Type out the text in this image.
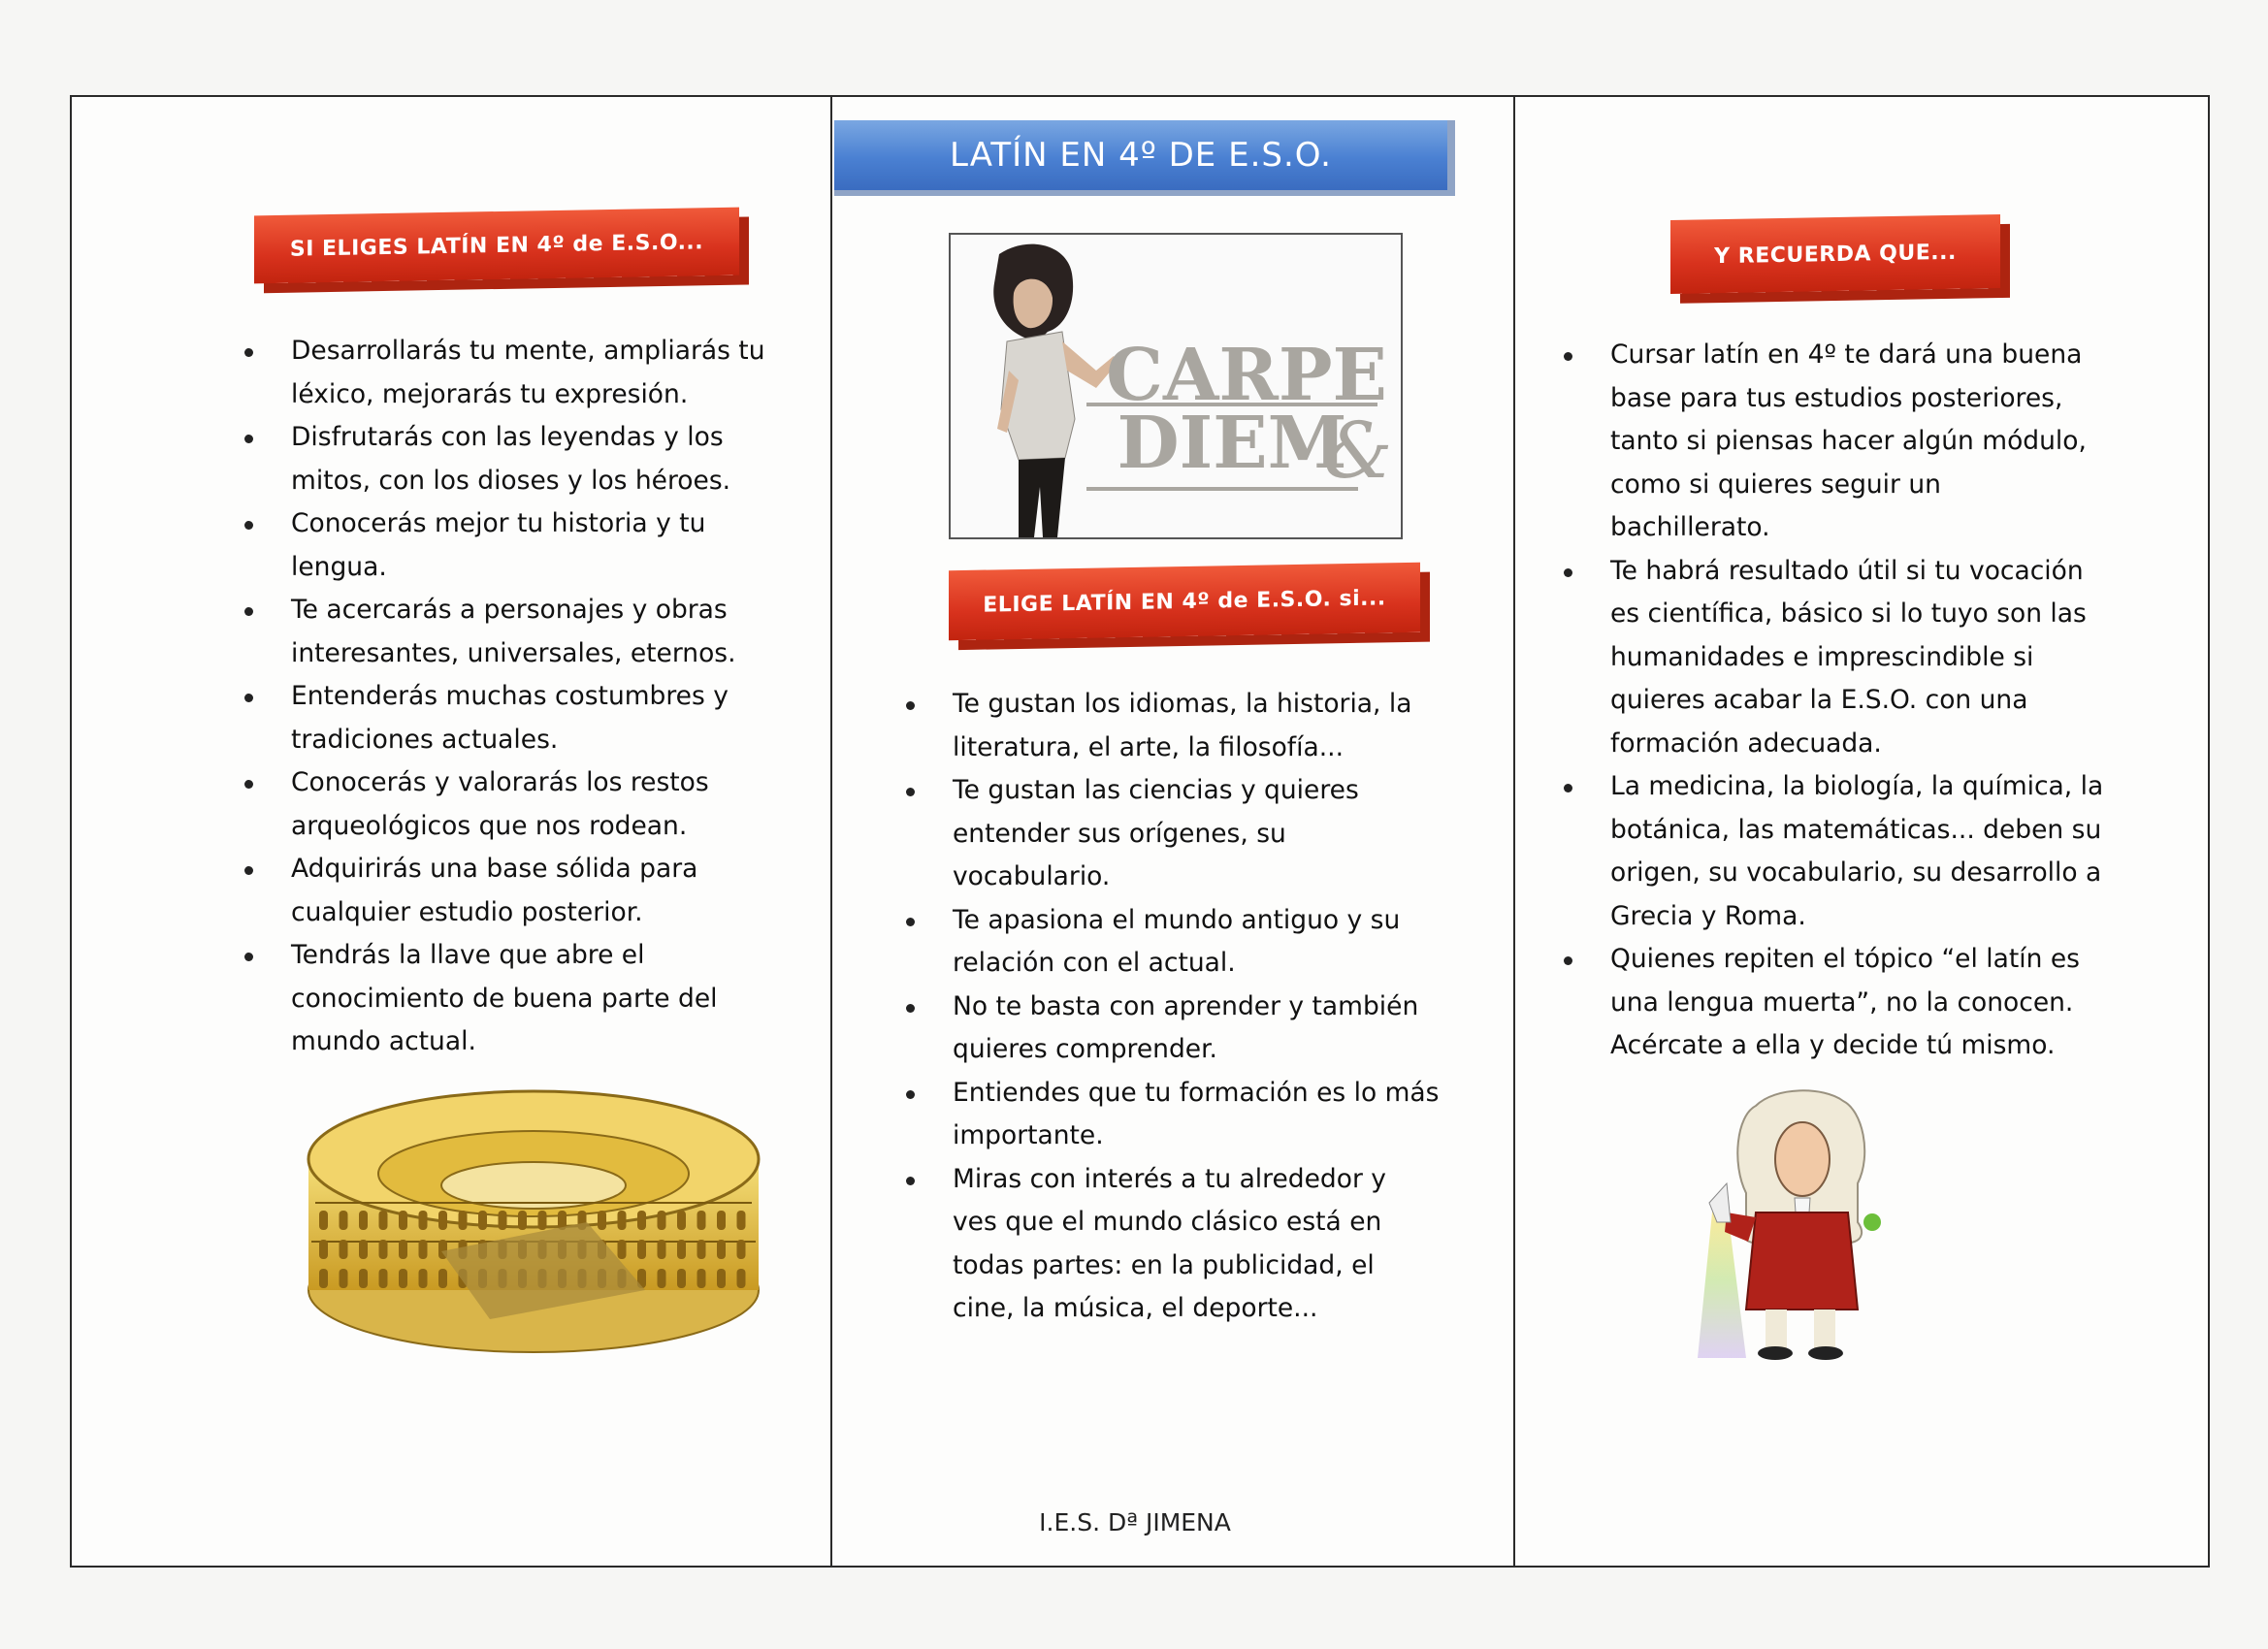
SI ELIGES LATÍN EN 4º de E.S.O...
Desarrollarás tu mente, ampliarás tu
léxico, mejorarás tu expresión.
Disfrutarás con las leyendas y los
mitos, con los dioses y los héroes.
Conocerás mejor tu historia y tu
lengua.
Te acercarás a personajes y obras
interesantes, universales, eternos.
Entenderás muchas costumbres y
tradiciones actuales.
Conocerás y valorarás los restos
arqueológicos que nos rodean.
Adquirirás una base sólida para
cualquier estudio posterior.
Tendrás la llave que abre el
conocimiento de buena parte del
mundo actual.
LATÍN EN 4º DE E.S.O.
CARPE
DIEM
&
ELIGE LATÍN EN 4º de E.S.O. si...
Te gustan los idiomas, la historia, la
literatura, el arte, la filosofía...
Te gustan las ciencias y quieres
entender sus orígenes, su
vocabulario.
Te apasiona el mundo antiguo y su
relación con el actual.
No te basta con aprender y también
quieres comprender.
Entiendes que tu formación es lo más
importante.
Miras con interés a tu alrededor y
ves que el mundo clásico está en
todas partes: en la publicidad, el
cine, la música, el deporte...
I.E.S. Dª JIMENA
Y RECUERDA QUE...
Cursar latín en 4º te dará una buena
base para tus estudios posteriores,
tanto si piensas hacer algún módulo,
como si quieres seguir un
bachillerato.
Te habrá resultado útil si tu vocación
es científica, básico si lo tuyo son las
humanidades e imprescindible si
quieres acabar la E.S.O. con una
formación adecuada.
La medicina, la biología, la química, la
botánica, las matemáticas... deben su
origen, su vocabulario, su desarrollo a
Grecia y Roma.
Quienes repiten el tópico “el latín es
una lengua muerta”, no la conocen.
Acércate a ella y decide tú mismo.
